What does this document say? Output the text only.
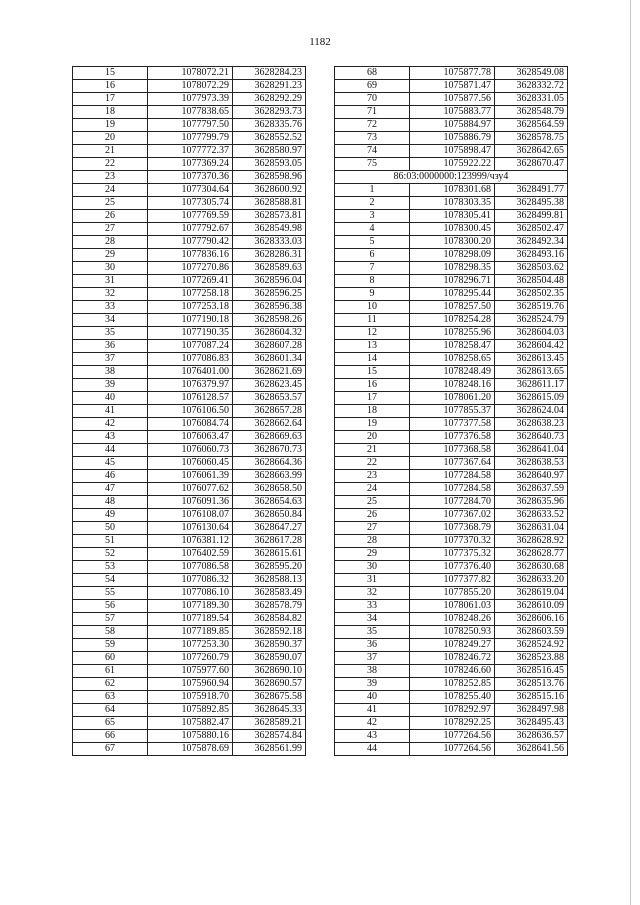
1182
15	1078072.21	3628284.23
16	1078072.29	3628291.23
17	1077973.39	3628292.29
18	1077838.65	3628293.73
19	1077797.50	3628335.76
20	1077799.79	3628552.52
21	1077772.37	3628580.97
22	1077369.24	3628593.05
23	1077370.36	3628598.96
24	1077304.64	3628600.92
25	1077305.74	3628588.81
26	1077769.59	3628573.81
27	1077792.67	3628549.98
28	1077790.42	3628333.03
29	1077836.16	3628286.31
30	1077270.86	3628589.63
31	1077269.41	3628596.04
32	1077258.18	3628596.25
33	1077253.18	3628596.38
34	1077190.18	3628598.26
35	1077190.35	3628604.32
36	1077087.24	3628607.28
37	1077086.83	3628601.34
38	1076401.00	3628621.69
39	1076379.97	3628623.45
40	1076128.57	3628653.57
41	1076106.50	3628657.28
42	1076084.74	3628662.64
43	1076063.47	3628669.63
44	1076060.73	3628670.73
45	1076060.45	3628664.36
46	1076061.39	3628663.99
47	1076077.62	3628658.50
48	1076091.36	3628654.63
49	1076108.07	3628650.84
50	1076130.64	3628647.27
51	1076381.12	3628617.28
52	1076402.59	3628615.61
53	1077086.58	3628595.20
54	1077086.32	3628588.13
55	1077086.10	3628583.49
56	1077189.30	3628578.79
57	1077189.54	3628584.82
58	1077189.85	3628592.18
59	1077253.30	3628590.37
60	1077260.79	3628590.07
61	1075977.60	3628690.10
62	1075960.94	3628690.57
63	1075918.70	3628675.58
64	1075892.85	3628645.33
65	1075882.47	3628589.21
66	1075880.16	3628574.84
67	1075878.69	3628561.99
68	1075877.78	3628549.08
69	1075871.47	3628332.72
70	1075877.56	3628331.05
71	1075883.77	3628548.79
72	1075884.97	3628564.59
73	1075886.79	3628578.75
74	1075898.47	3628642.65
75	1075922.22	3628670.47
86:03:0000000:123999/чзу4		
1	1078301.68	3628491.77
2	1078303.35	3628495.38
3	1078305.41	3628499.81
4	1078300.45	3628502.47
5	1078300.20	3628492.34
6	1078298.09	3628493.16
7	1078298.35	3628503.62
8	1078296.71	3628504.48
9	1078295.44	3628502.35
10	1078257.50	3628519.76
11	1078254.28	3628524.79
12	1078255.96	3628604.03
13	1078258.47	3628604.42
14	1078258.65	3628613.45
15	1078248.49	3628613.65
16	1078248.16	3628611.17
17	1078061.20	3628615.09
18	1077855.37	3628624.04
19	1077377.58	3628638.23
20	1077376.58	3628640.73
21	1077368.58	3628641.04
22	1077367.64	3628638.53
23	1077284.58	3628640.97
24	1077284.58	3628637.59
25	1077284.70	3628635.96
26	1077367.02	3628633.52
27	1077368.79	3628631.04
28	1077370.32	3628628.92
29	1077375.32	3628628.77
30	1077376.40	3628630.68
31	1077377.82	3628633.20
32	1077855.20	3628619.04
33	1078061.03	3628610.09
34	1078248.26	3628606.16
35	1078250.93	3628603.59
36	1078249.27	3628524.92
37	1078246.72	3628523.88
38	1078246.60	3628516.45
39	1078252.85	3628513.76
40	1078255.40	3628515.16
41	1078292.97	3628497.98
42	1078292.25	3628495.43
43	1077264.56	3628636.57
44	1077264.56	3628641.56
